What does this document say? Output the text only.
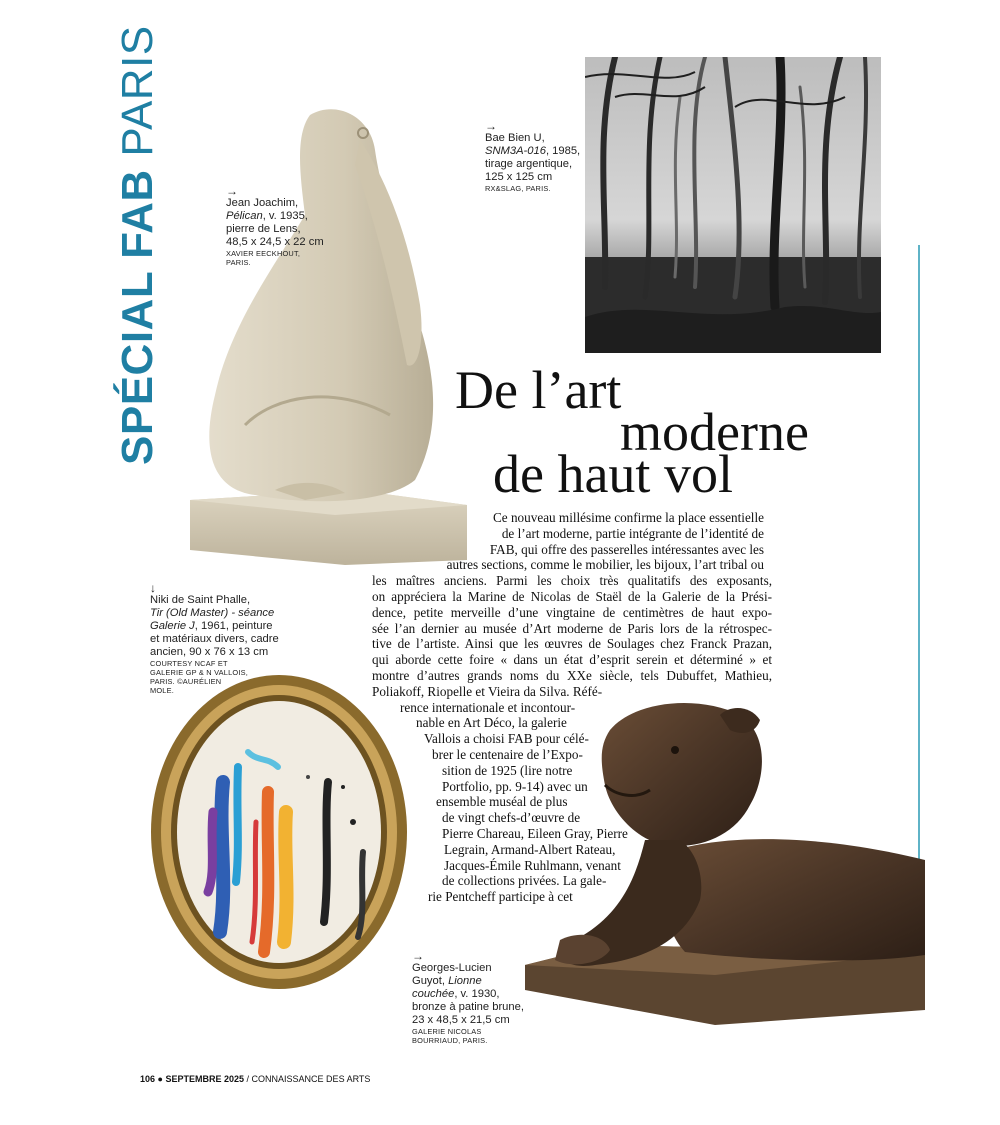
SPÉCIAL FAB PARIS
→
Jean Joachim,
Pélican, v. 1935,
pierre de Lens,
48,5 x 24,5 x 22 cm
XAVIER EECKHOUT,
PARIS.
→
Bae Bien U,
SNM3A-016, 1985,
tirage argentique,
125 x 125 cm
RX&SLAG, PARIS.
↓
Niki de Saint Phalle,
Tir (Old Master) - séance
Galerie J, 1961, peinture
et matériaux divers, cadre
ancien, 90 x 76 x 13 cm
COURTESY NCAF ET
GALERIE GP & N VALLOIS,
PARIS. ©AURÉLIEN
MOLE.
→
Georges-Lucien
Guyot, Lionne
couchée, v. 1930,
bronze à patine brune,
23 x 48,5 x 21,5 cm
GALERIE NICOLAS
BOURRIAUD, PARIS.
De l’art
moderne
de haut vol
Ce nouveau millésime confirme la place essentielle
de l’art moderne, partie intégrante de l’identité de
FAB, qui offre des passerelles intéressantes avec les
autres sections, comme le mobilier, les bijoux, l’art tribal ou
les maîtres anciens. Parmi les choix très qualitatifs des exposants,
on appréciera la Marine de Nicolas de Staël de la Galerie de la Prési-
dence, petite merveille d’une vingtaine de centimètres de haut expo-
sée l’an dernier au musée d’Art moderne de Paris lors de la rétrospec-
tive de l’artiste. Ainsi que les œuvres de Soulages chez Franck Prazan,
qui aborde cette foire « dans un état d’esprit serein et déterminé » et
montre d’autres grands noms du XXe siècle, tels Dubuffet, Mathieu,
Poliakoff, Riopelle et Vieira da Silva. Réfé-
rence internationale et incontour-
nable en Art Déco, la galerie
Vallois a choisi FAB pour célé-
brer le centenaire de l’Expo-
sition de 1925 (lire notre
Portfolio, pp. 9-14) avec un
ensemble muséal de plus
de vingt chefs-d’œuvre de
Pierre Chareau, Eileen Gray, Pierre
Legrain, Armand-Albert Rateau,
Jacques-Émile Ruhlmann, venant
de collections privées. La gale-
rie Pentcheff participe à cet
106 ● SEPTEMBRE 2025 / CONNAISSANCE DES ARTS
